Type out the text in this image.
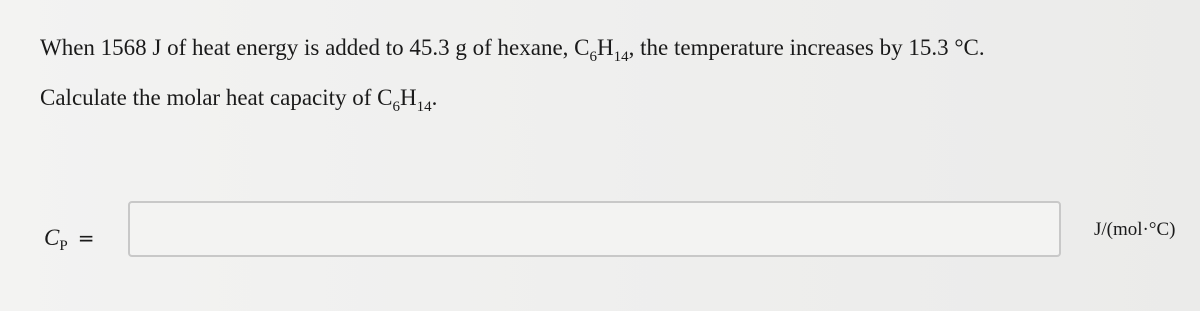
When 1568 J of heat energy is added to 45.3 g of hexane, $C_6H_{14}$, the temperature increases by 15.3 °C.
Calculate the molar heat capacity of $C_6H_{14}$.
$C_P$ =	J/(mol·°C)
